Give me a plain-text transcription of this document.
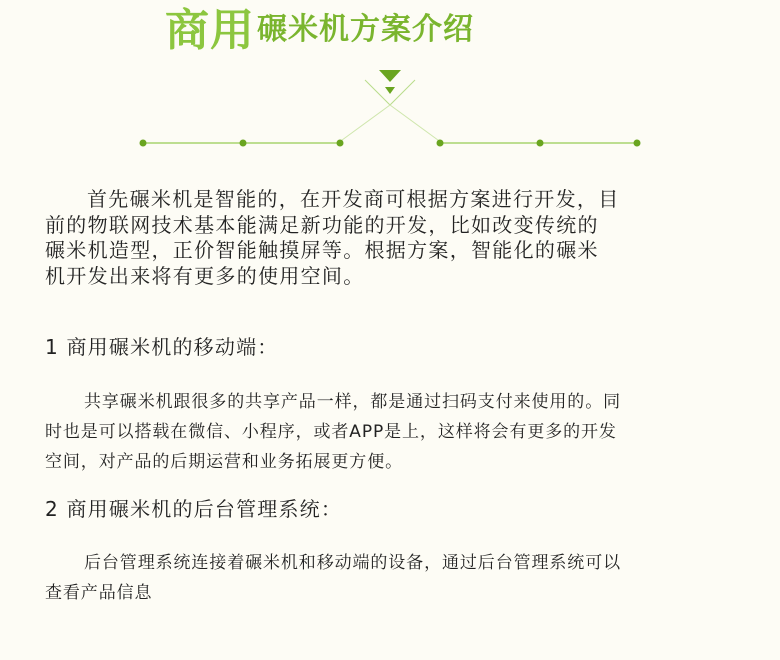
商用 碾米机方案介绍
首先碾米机是智能的，在开发商可根据方案进行开发，目
前的物联网技术基本能满足新功能的开发，比如改变传统的
碾米机造型，正价智能触摸屏等。根据方案，智能化的碾米
机开发出来将有更多的使用空间。
1 商用碾米机的移动端：
共享碾米机跟很多的共享产品一样，都是通过扫码支付来使用的。同
时也是可以搭载在微信、小程序，或者APP是上，这样将会有更多的开发
空间，对产品的后期运营和业务拓展更方便。
2 商用碾米机的后台管理系统：
后台管理系统连接着碾米机和移动端的设备，通过后台管理系统可以
查看产品信息
